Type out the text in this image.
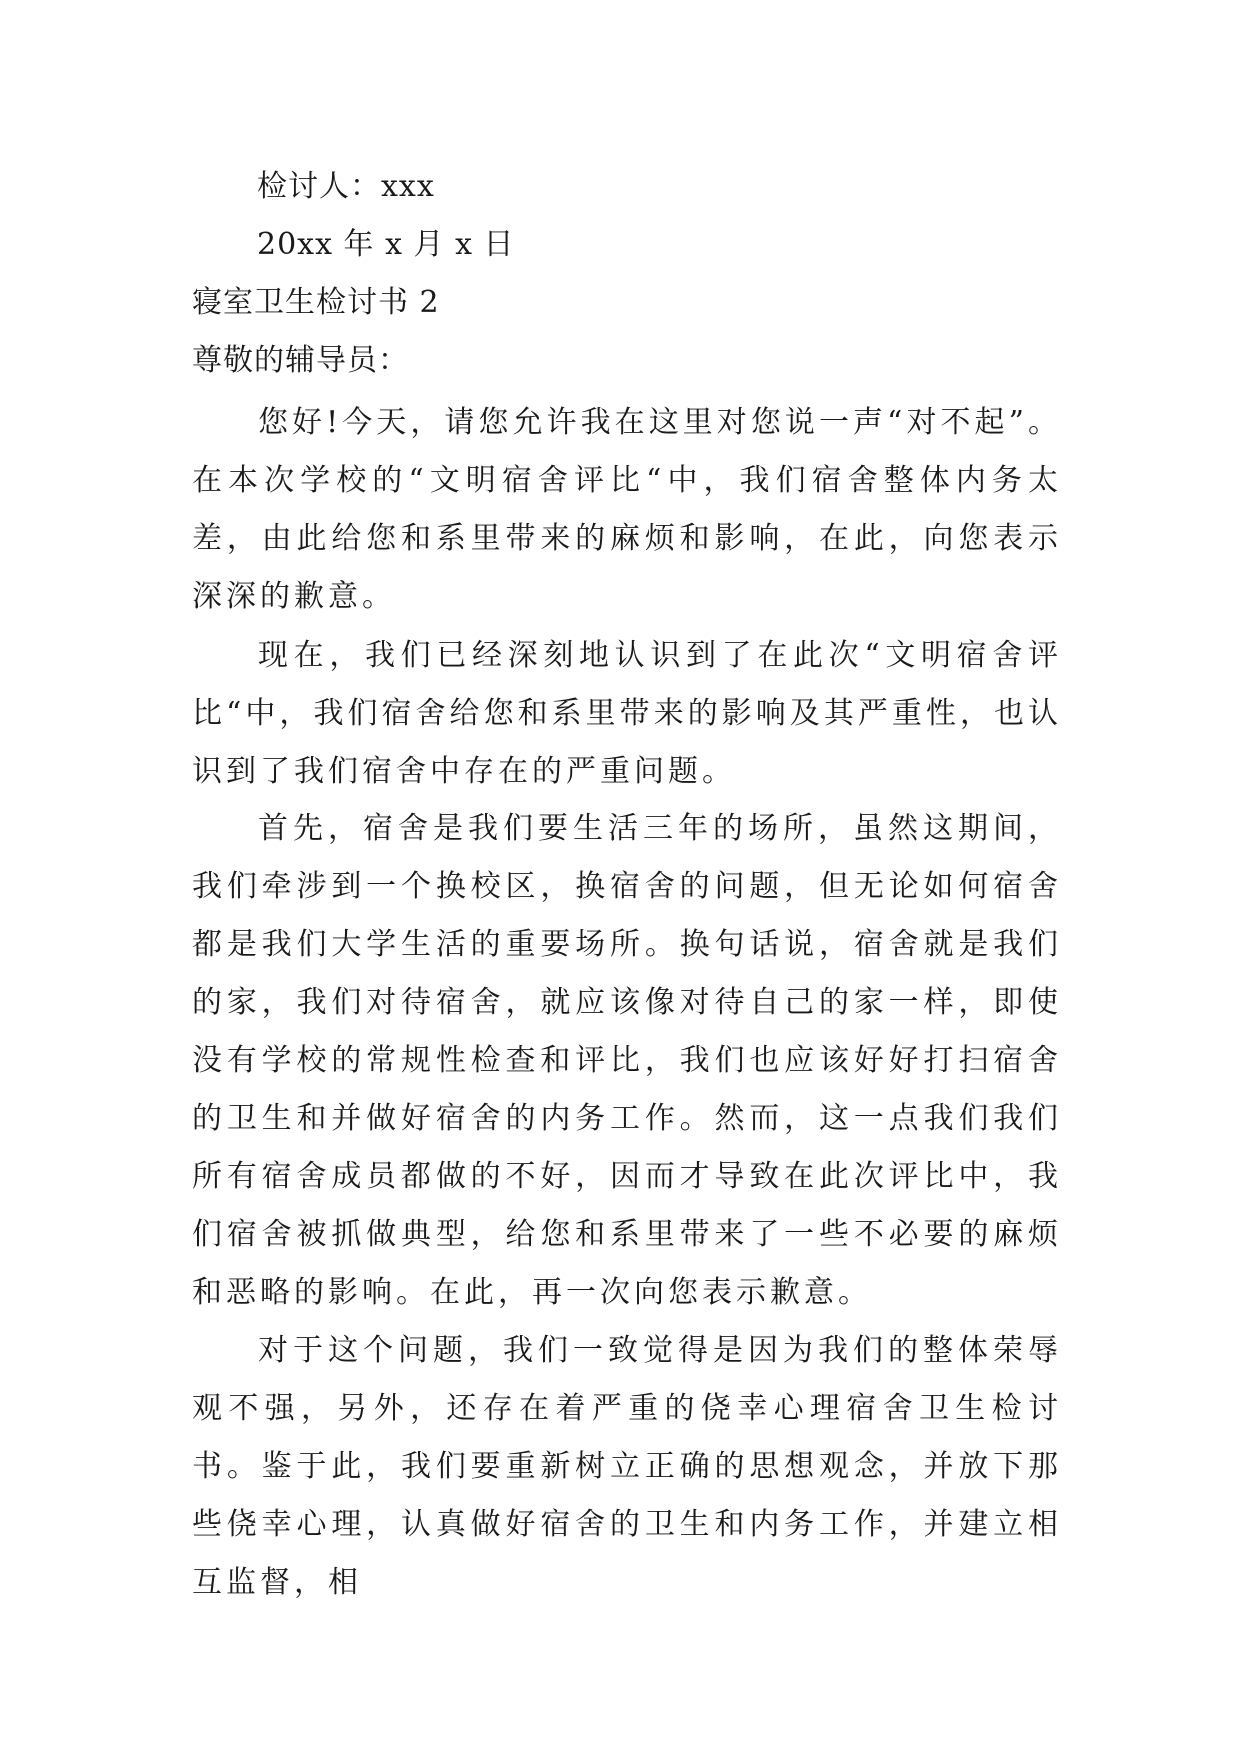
检讨人：xxx
20xx 年 x 月 x 日
寝室卫生检讨书 2
尊敬的辅导员：
您好!今天，请您允许我在这里对您说一声“对不起”。在本次学校的“文明宿舍评比“中，我们宿舍整体内务太差，由此给您和系里带来的麻烦和影响，在此，向您表示深深的歉意。
现在，我们已经深刻地认识到了在此次“文明宿舍评比“中，我们宿舍给您和系里带来的影响及其严重性，也认识到了我们宿舍中存在的严重问题。
首先，宿舍是我们要生活三年的场所，虽然这期间，我们牵涉到一个换校区，换宿舍的问题，但无论如何宿舍都是我们大学生活的重要场所。换句话说，宿舍就是我们的家，我们对待宿舍，就应该像对待自己的家一样，即使没有学校的常规性检查和评比，我们也应该好好打扫宿舍的卫生和并做好宿舍的内务工作。然而，这一点我们我们所有宿舍成员都做的不好，因而才导致在此次评比中，我们宿舍被抓做典型，给您和系里带来了一些不必要的麻烦和恶略的影响。在此，再一次向您表示歉意。
对于这个问题，我们一致觉得是因为我们的整体荣辱观不强，另外，还存在着严重的侥幸心理宿舍卫生检讨书。鉴于此，我们要重新树立正确的思想观念，并放下那些侥幸心理，认真做好宿舍的卫生和内务工作，并建立相互监督，相
